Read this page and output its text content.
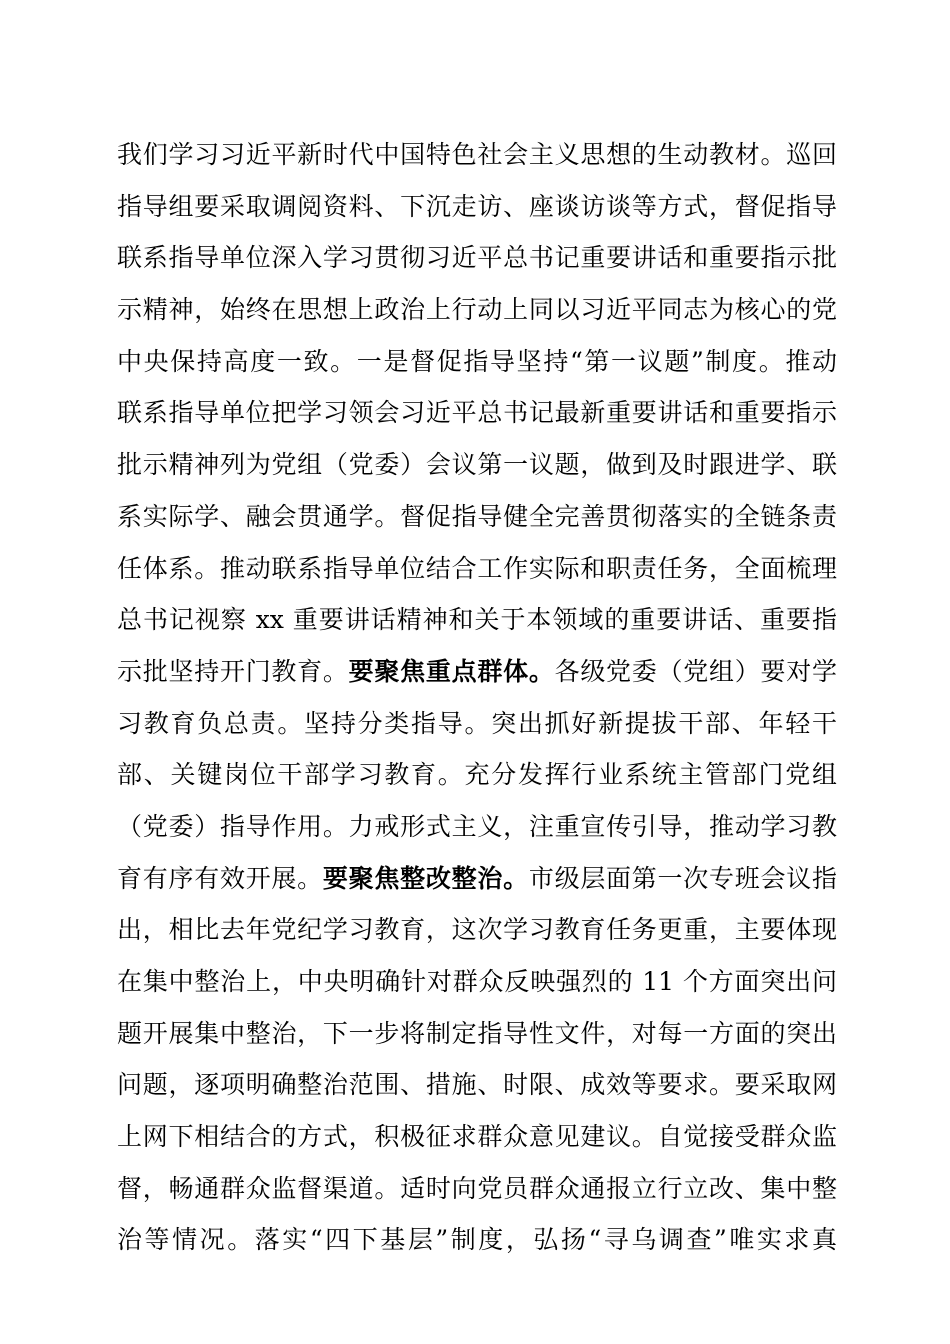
我们学习习近平新时代中国特色社会主义思想的生动教材。巡回
指导组要采取调阅资料、下沉走访、座谈访谈等方式，督促指导
联系指导单位深入学习贯彻习近平总书记重要讲话和重要指示批
示精神，始终在思想上政治上行动上同以习近平同志为核心的党
中央保持高度一致。一是督促指导坚持“第一议题”制度。推动
联系指导单位把学习领会习近平总书记最新重要讲话和重要指示
批示精神列为党组（党委）会议第一议题，做到及时跟进学、联
系实际学、融会贯通学。督促指导健全完善贯彻落实的全链条责
任体系。推动联系指导单位结合工作实际和职责任务，全面梳理
总书记视察 xx 重要讲话精神和关于本领域的重要讲话、重要指
示批坚持开门教育。要聚焦重点群体。各级党委（党组）要对学
习教育负总责。坚持分类指导。突出抓好新提拔干部、年轻干
部、关键岗位干部学习教育。充分发挥行业系统主管部门党组
（党委）指导作用。力戒形式主义，注重宣传引导，推动学习教
育有序有效开展。要聚焦整改整治。市级层面第一次专班会议指
出，相比去年党纪学习教育，这次学习教育任务更重，主要体现
在集中整治上，中央明确针对群众反映强烈的 11 个方面突出问
题开展集中整治，下一步将制定指导性文件，对每一方面的突出
问题，逐项明确整治范围、措施、时限、成效等要求。要采取网
上网下相结合的方式，积极征求群众意见建议。自觉接受群众监
督，畅通群众监督渠道。适时向党员群众通报立行立改、集中整
治等情况。落实“四下基层”制度，弘扬“寻乌调查”唯实求真
